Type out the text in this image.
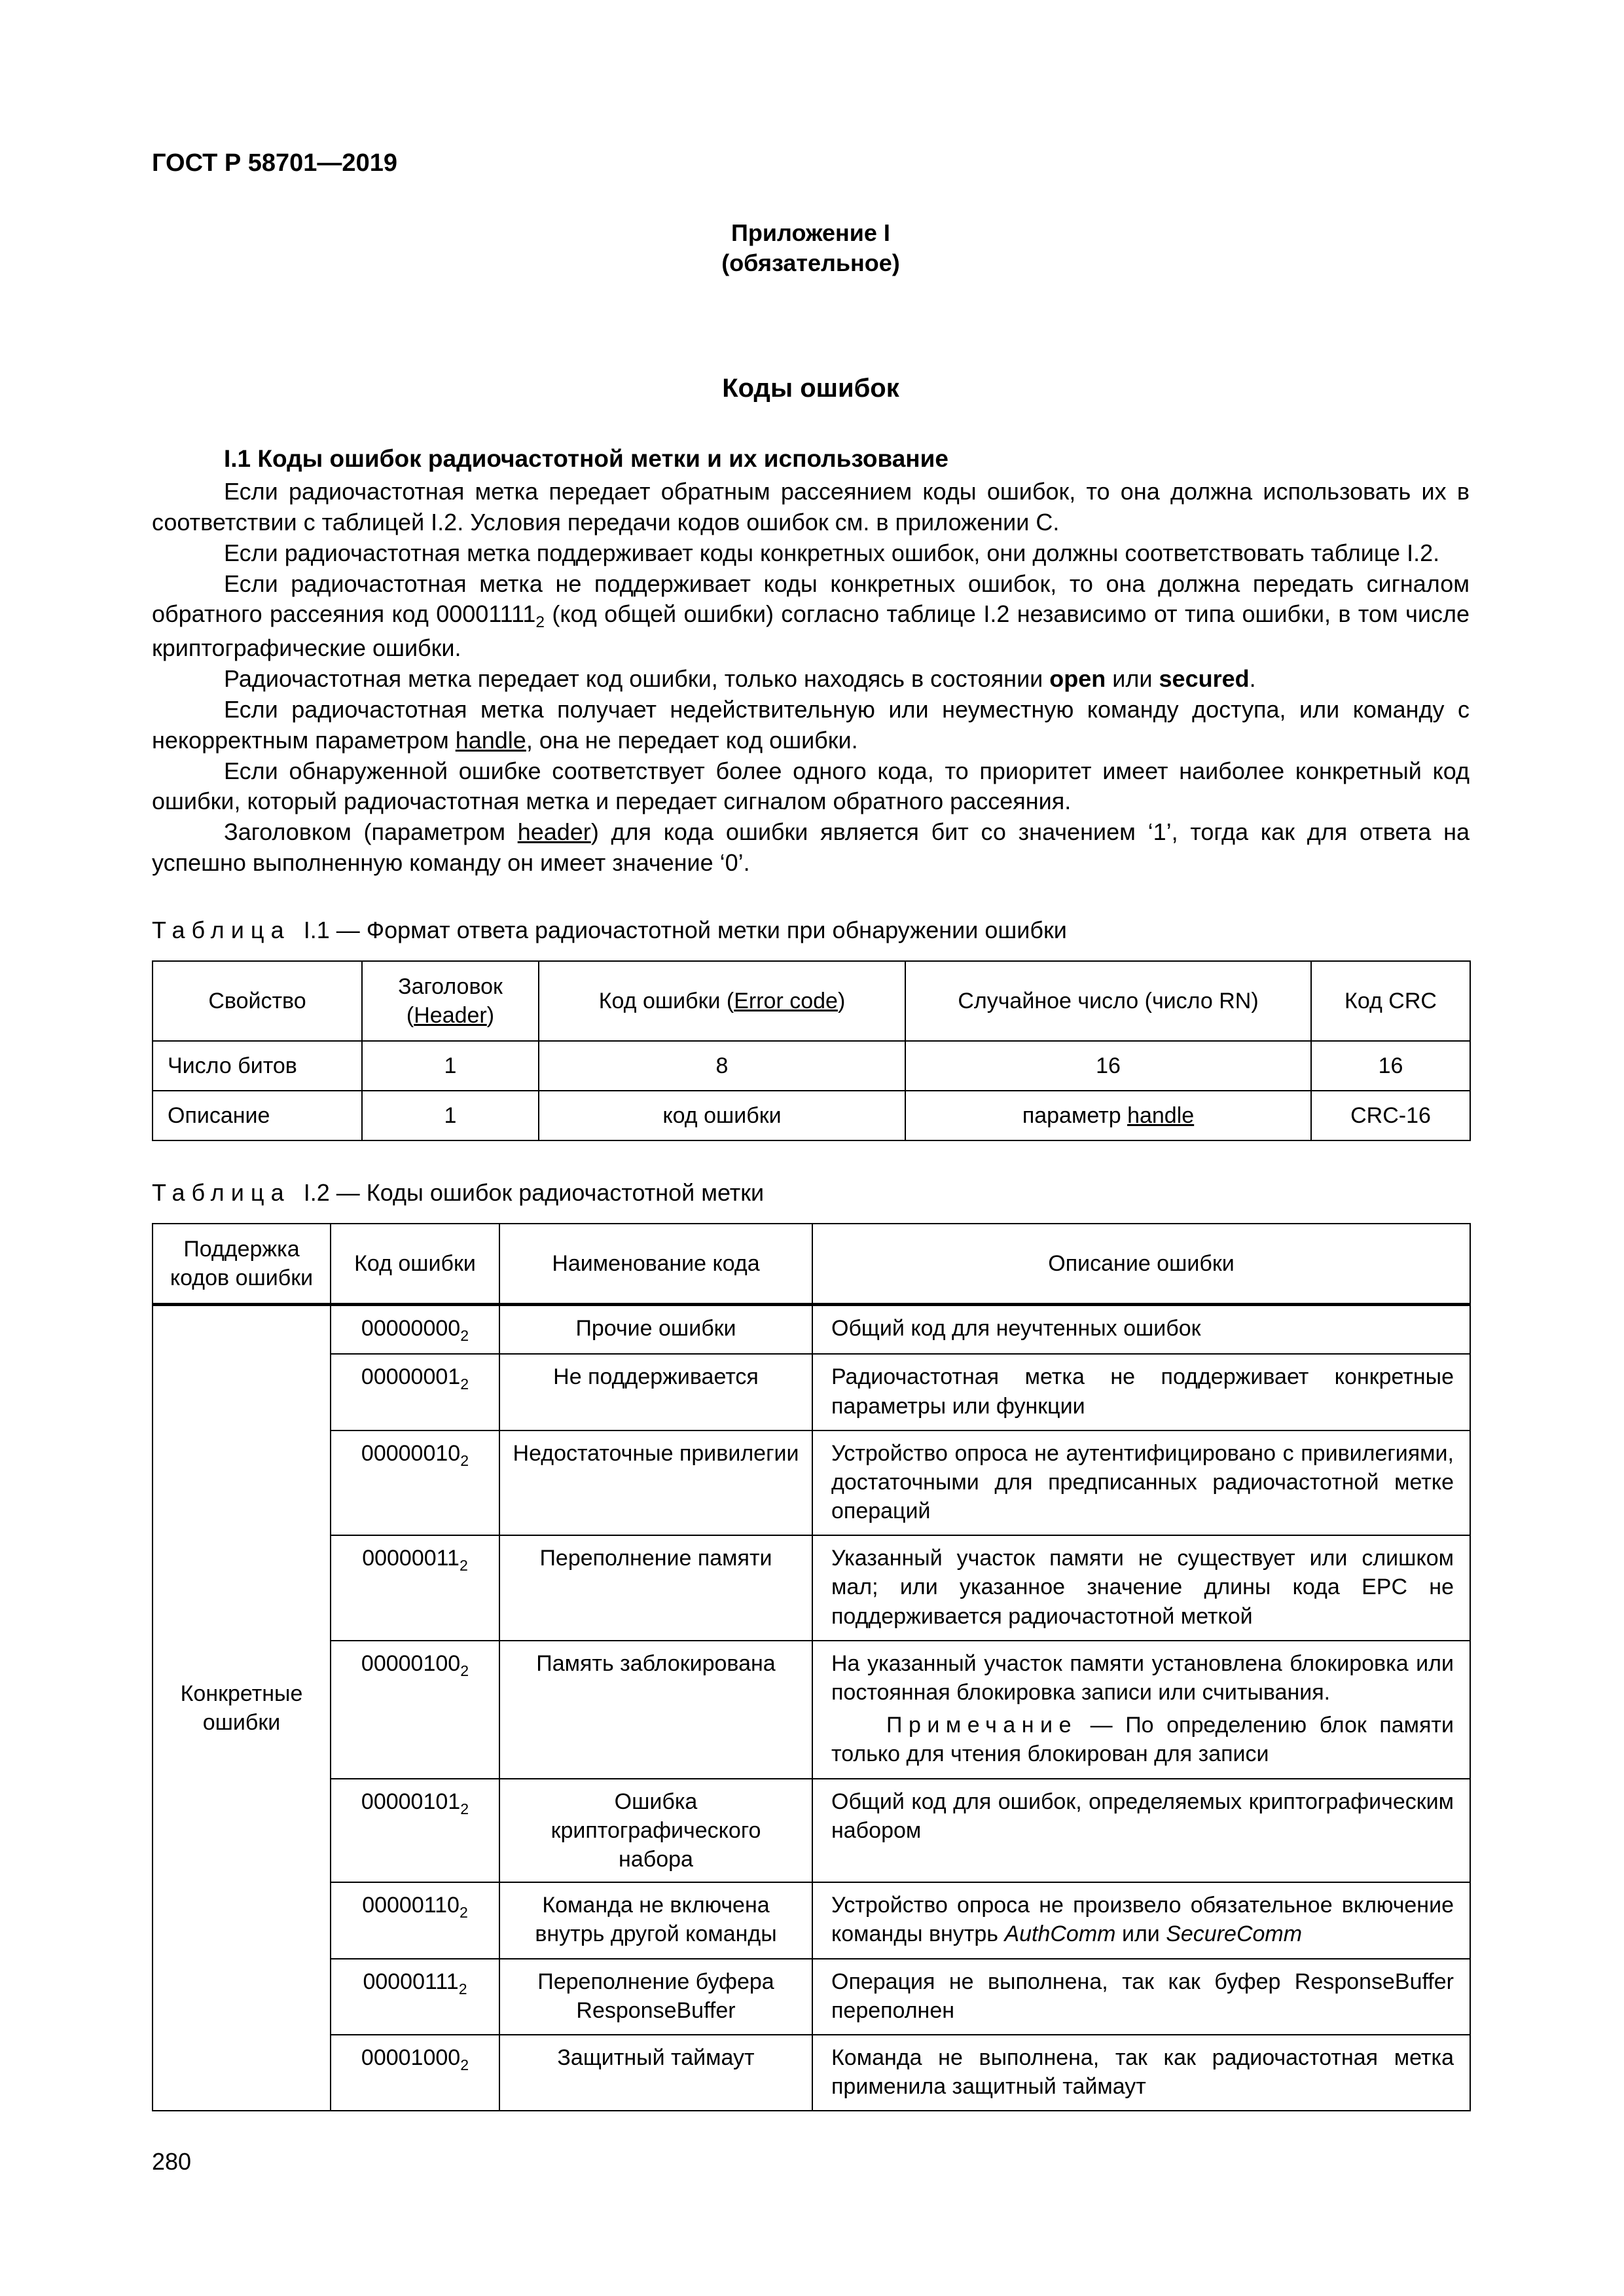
ГОСТ Р 58701—2019

Приложение I

(обязательное)

Коды ошибок

I.1 Коды ошибок радиочастотной метки и их использование

Если радиочастотная метка передает обратным рассеянием коды ошибок, то она должна использовать их в соответствии с таблицей I.2. Условия передачи кодов ошибок см. в приложении C.

Если радиочастотная метка поддерживает коды конкретных ошибок, они должны соответствовать таблице I.2.

Если радиочастотная метка не поддерживает коды конкретных ошибок, то она должна передать сигналом обратного рассеяния код $00001111_2$ (код общей ошибки) согласно таблице I.2 независимо от типа ошибки, в том числе криптографические ошибки.

Радиочастотная метка передает код ошибки, только находясь в состоянии open или secured.

Если радиочастотная метка получает недействительную или неуместную команду доступа, или команду с некорректным параметром handle, она не передает код ошибки.

Если обнаруженной ошибке соответствует более одного кода, то приоритет имеет наиболее конкретный код ошибки, который радиочастотная метка и передает сигналом обратного рассеяния.

Заголовком (параметром header) для кода ошибки является бит со значением ‘1’, тогда как для ответа на успешно выполненную команду он имеет значение ‘0’.

Таблица  I.1 — Формат ответа радиочастотной метки при обнаружении ошибки

Свойство	Заголовок (Header)	Код ошибки (Error code)	Случайное число (число RN)	Код CRC
Число битов	1	8	16	16
Описание	1	код ошибки	параметр handle	CRC-16

Таблица  I.2 — Коды ошибок радиочастотной метки

Поддержка кодов ошибки	Код ошибки	Наименование кода	Описание ошибки
Конкретные ошибки	$00000000_2$	Прочие ошибки	Общий код для неучтенных ошибок

	$00000001_2$	Не поддерживается	Радиочастотная метка не поддерживает конкретные параметры или функции

	$00000010_2$	Недостаточные привилегии	Устройство опроса не аутентифицировано с привилегиями, достаточными для предписанных радиочастотной метке операций

	$00000011_2$	Переполнение памяти	Указанный участок памяти не существует или слишком мал; или указанное значение длины кода EPC не поддерживается радиочастотной меткой

	$00000100_2$	Память заблокирована	На указанный участок памяти установлена блокировка или постоянная блокировка записи или считывания.

Примечание — По определению блок памяти только для чтения блокирован для записи

	$00000101_2$	Ошибка криптографического набора	Общий код для ошибок, определяемых криптографическим набором

	$00000110_2$	Команда не включена внутрь другой команды	Устройство опроса не произвело обязательное включение команды внутрь AuthComm или SecureComm

	$00000111_2$	Переполнение буфера ResponseBuffer	Операция не выполнена, так как буфер ResponseBuffer переполнен

	$00001000_2$	Защитный таймаут	Команда не выполнена, так как радиочастотная метка применила защитный таймаут

280
